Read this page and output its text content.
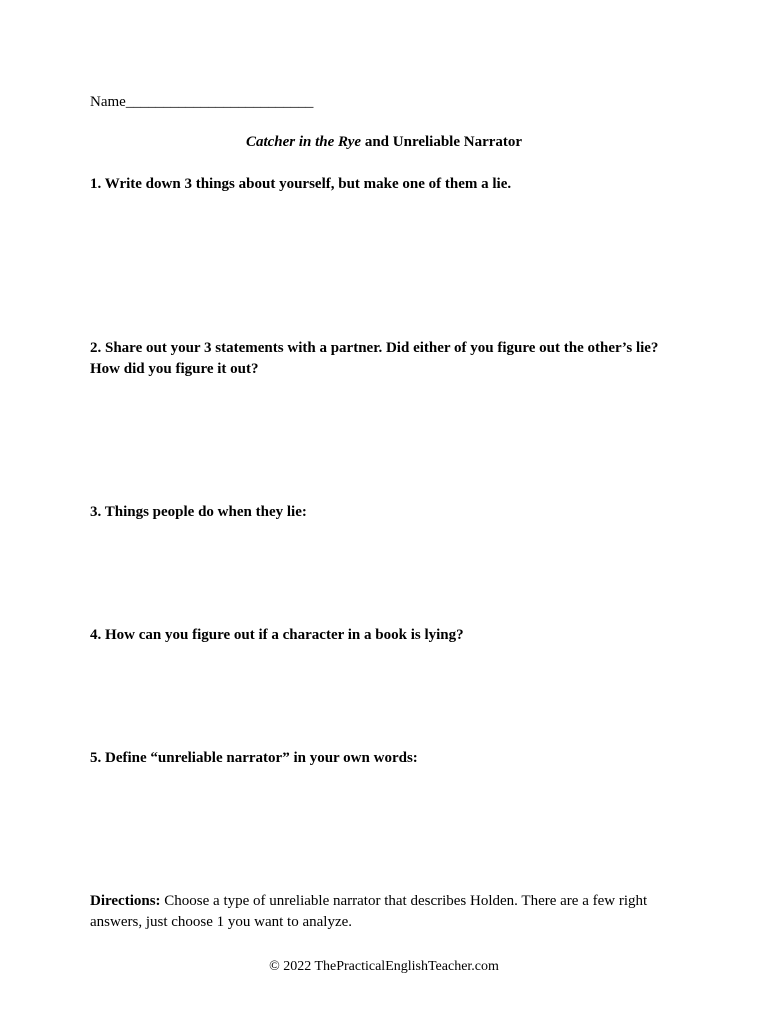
Name_________________________
Catcher in the Rye and Unreliable Narrator
1. Write down 3 things about yourself, but make one of them a lie.
2. Share out your 3 statements with a partner. Did either of you figure out the other’s lie? How did you figure it out?
3. Things people do when they lie:
4. How can you figure out if a character in a book is lying?
5. Define “unreliable narrator” in your own words:
Directions: Choose a type of unreliable narrator that describes Holden. There are a few right answers, just choose 1 you want to analyze.
© 2022 ThePracticalEnglishTeacher.com
